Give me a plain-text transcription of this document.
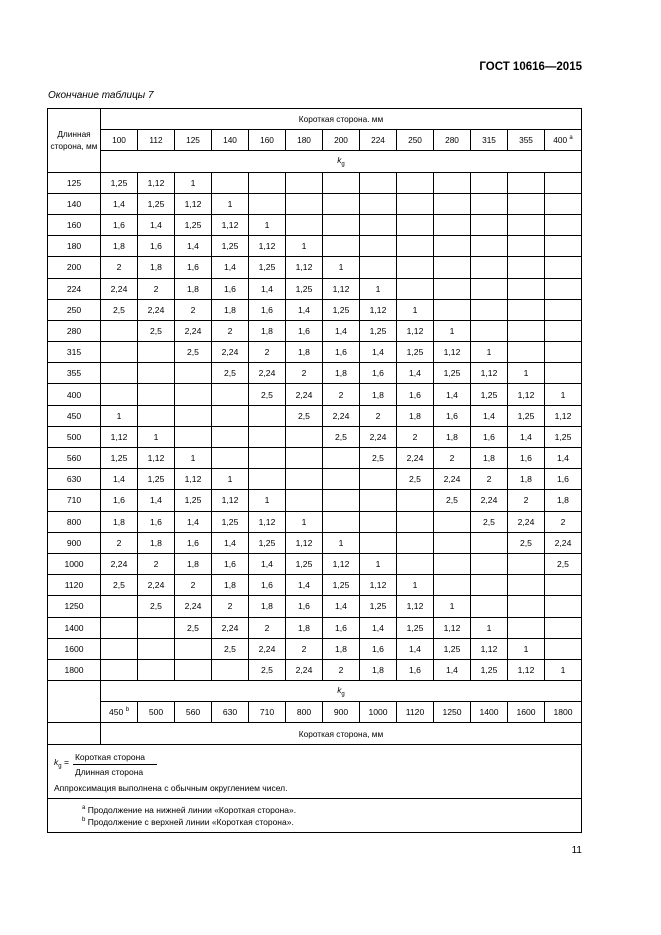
ГОСТ 10616—2015
Окончание таблицы 7
Длинная сторона, мм	Короткая сторона. мм												
	100	112	125	140	160	180	200	224	250	280	315	355	400 $^a$
	$k_g$
125	1,25	1,12	1										
140	1,4	1,25	1,12	1									
160	1,6	1,4	1,25	1,12	1								
180	1,8	1,6	1,4	1,25	1,12	1							
200	2	1,8	1,6	1,4	1,25	1,12	1						
224	2,24	2	1,8	1,6	1,4	1,25	1,12	1					
250	2,5	2,24	2	1,8	1,6	1,4	1,25	1,12	1				
280		2,5	2,24	2	1,8	1,6	1,4	1,25	1,12	1			
315			2,5	2,24	2	1,8	1,6	1,4	1,25	1,12	1		
355				2,5	2,24	2	1,8	1,6	1,4	1,25	1,12	1	
400					2,5	2,24	2	1,8	1,6	1,4	1,25	1,12	1
450	1					2,5	2,24	2	1,8	1,6	1,4	1,25	1,12
500	1,12	1					2,5	2,24	2	1,8	1,6	1,4	1,25
560	1,25	1,12	1					2,5	2,24	2	1,8	1,6	1,4
630	1,4	1,25	1,12	1					2,5	2,24	2	1,8	1,6
710	1,6	1,4	1,25	1,12	1					2,5	2,24	2	1,8
800	1,8	1,6	1,4	1,25	1,12	1					2,5	2,24	2
900	2	1,8	1,6	1,4	1,25	1,12	1					2,5	2,24
1000	2,24	2	1,8	1,6	1,4	1,25	1,12	1					2,5
1120	2,5	2,24	2	1,8	1,6	1,4	1,25	1,12	1				
1250		2,5	2,24	2	1,8	1,6	1,4	1,25	1,12	1			
1400			2,5	2,24	2	1,8	1,6	1,4	1,25	1,12	1		
1600				2,5	2,24	2	1,8	1,6	1,4	1,25	1,12	1	
1800					2,5	2,24	2	1,8	1,6	1,4	1,25	1,12	1
	$k_g$
	450 $^b$	500	560	630	710	800	900	1000	1120	1250	1400	1600	1800
	Короткая сторона, мм												

$k_g = \frac{\text{Короткая сторона}}{\text{Длинная сторона}}$
Аппроксимация выполнена с обычным округлением чисел.													

$^a$ Продолжение на нижней линии «Короткая сторона».
$^b$ Продолжение с верхней линии «Короткая сторона».													
11
